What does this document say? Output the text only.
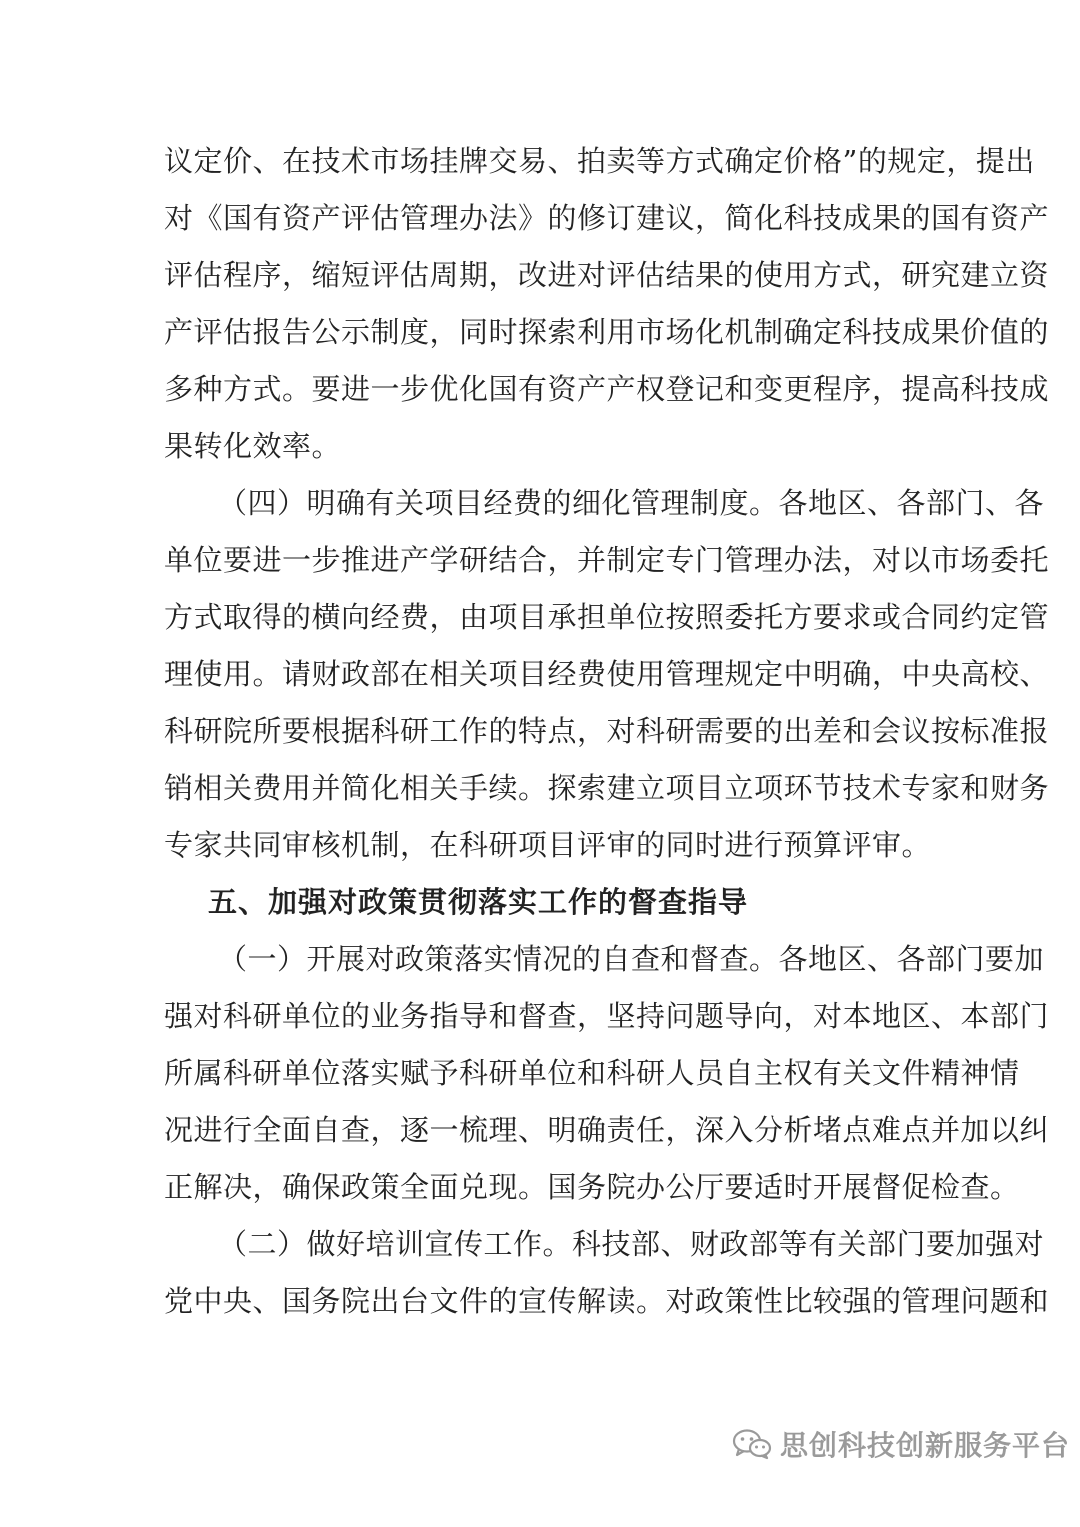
议定价、在技术市场挂牌交易、拍卖等方式确定价格”的规定，提出
对《国有资产评估管理办法》的修订建议，简化科技成果的国有资产
评估程序，缩短评估周期，改进对评估结果的使用方式，研究建立资
产评估报告公示制度，同时探索利用市场化机制确定科技成果价值的
多种方式。要进一步优化国有资产产权登记和变更程序，提高科技成
果转化效率。
（四）明确有关项目经费的细化管理制度。各地区、各部门、各
单位要进一步推进产学研结合，并制定专门管理办法，对以市场委托
方式取得的横向经费，由项目承担单位按照委托方要求或合同约定管
理使用。请财政部在相关项目经费使用管理规定中明确，中央高校、
科研院所要根据科研工作的特点，对科研需要的出差和会议按标准报
销相关费用并简化相关手续。探索建立项目立项环节技术专家和财务
专家共同审核机制，在科研项目评审的同时进行预算评审。
五、加强对政策贯彻落实工作的督查指导
（一）开展对政策落实情况的自查和督查。各地区、各部门要加
强对科研单位的业务指导和督查，坚持问题导向，对本地区、本部门
所属科研单位落实赋予科研单位和科研人员自主权有关文件精神情
况进行全面自查，逐一梳理、明确责任，深入分析堵点难点并加以纠
正解决，确保政策全面兑现。国务院办公厅要适时开展督促检查。
（二）做好培训宣传工作。科技部、财政部等有关部门要加强对
党中央、国务院出台文件的宣传解读。对政策性比较强的管理问题和
思创科技创新服务平台
